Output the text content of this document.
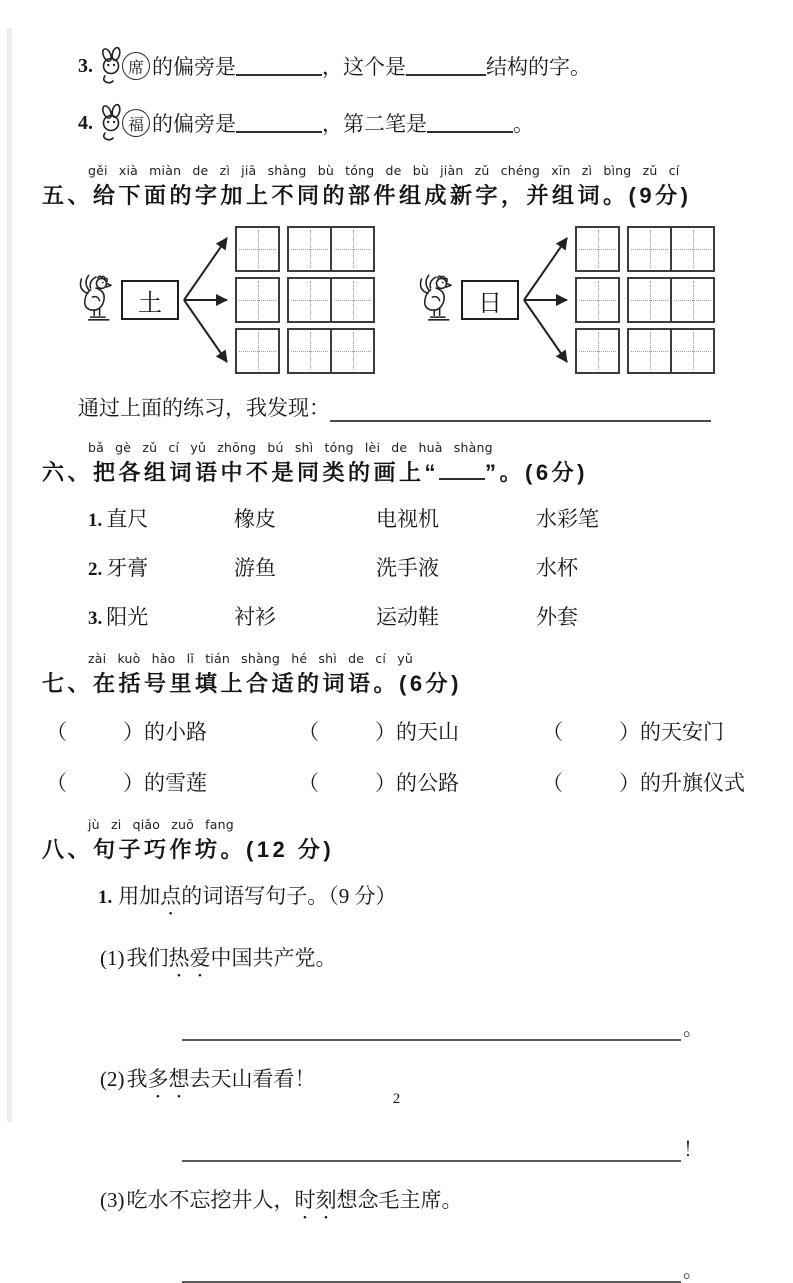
3.	席 的偏旁是	，这个是	结构的字。
4.	福 的偏旁是	，第二笔是	。
gěi xià miàn de zì jiā shàng bù tóng de bù jiàn zǔ chéng xīn zì bìng zǔ cí
五、给下面的字加上不同的部件组成新字，并组词。(9分)
土	日
通过上面的练习，我发现：
bǎ gè zǔ cí yǔ zhōng bú shì tóng lèi de huà shàng
六、把各组词语中不是同类的画上“ ”。(6分)
1. 直尺	橡皮	电视机	水彩笔
2. 牙膏	游鱼	洗手液	水杯
3. 阳光	衬衫	运动鞋	外套
zài kuò hào lǐ tián shàng hé shì de cí yǔ
七、在括号里填上合适的词语。(6分)
（	）的小路	（	）的天山	（	）的天安门
（	）的雪莲	（	）的公路	（	）的升旗仪式
jù zi qiǎo zuō fang
八、句子巧作坊。(12 分)
1. 用加点的词语写句子。（9 分）
(1)我们热爱中国共产党。
。
(2)我多想去天山看看！
！
(3)吃水不忘挖井人，时刻想念毛主席。
。
2
